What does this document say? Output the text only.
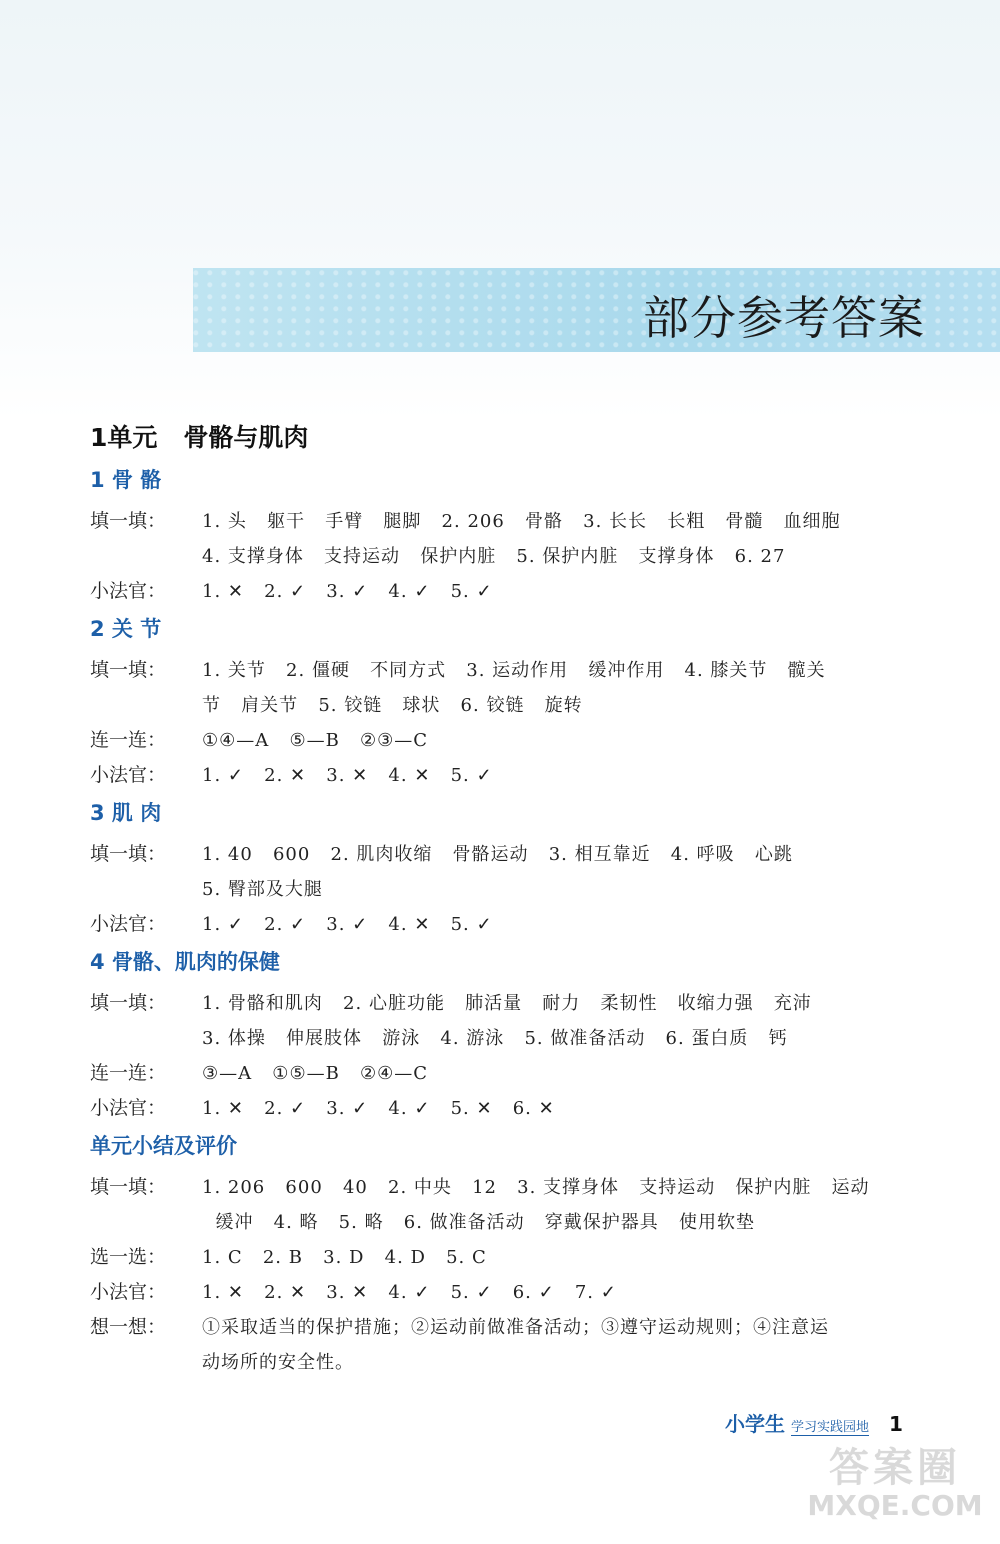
部分参考答案
1单元 骨骼与肌肉
1 骨 骼
填一填：	1. 头   躯干   手臂   腿脚   2. 206   骨骼   3. 长长   长粗   骨髓   血细胞
4. 支撑身体   支持运动   保护内脏   5. 保护内脏   支撑身体   6. 27
小法官：	1. ✕   2. ✓   3. ✓   4. ✓   5. ✓
2 关 节
填一填：	1. 关节   2. 僵硬   不同方式   3. 运动作用   缓冲作用   4. 膝关节   髋关
节   肩关节   5. 铰链   球状   6. 铰链   旋转
连一连：	①④—A   ⑤—B   ②③—C
小法官：	1. ✓   2. ✕   3. ✕   4. ✕   5. ✓
3 肌 肉
填一填：	1. 40   600   2. 肌肉收缩   骨骼运动   3. 相互靠近   4. 呼吸   心跳
5. 臀部及大腿
小法官：	1. ✓   2. ✓   3. ✓   4. ✕   5. ✓
4 骨骼、肌肉的保健
填一填：	1. 骨骼和肌肉   2. 心脏功能   肺活量   耐力   柔韧性   收缩力强   充沛
3. 体操   伸展肢体   游泳   4. 游泳   5. 做准备活动   6. 蛋白质   钙
连一连：	③—A   ①⑤—B   ②④—C
小法官：	1. ✕   2. ✓   3. ✓   4. ✓   5. ✕   6. ✕
单元小结及评价
填一填：	1. 206   600   40   2. 中央   12   3. 支撑身体   支持运动   保护内脏   运动
缓冲   4. 略   5. 略   6. 做准备活动   穿戴保护器具   使用软垫
选一选：	1. C   2. B   3. D   4. D   5. C
小法官：	1. ✕   2. ✕   3. ✕   4. ✓   5. ✓   6. ✓   7. ✓
想一想：	①采取适当的保护措施；②运动前做准备活动；③遵守运动规则；④注意运
动场所的安全性。
小学生 学习实践园地 1
答案圈
MXQE.COM
